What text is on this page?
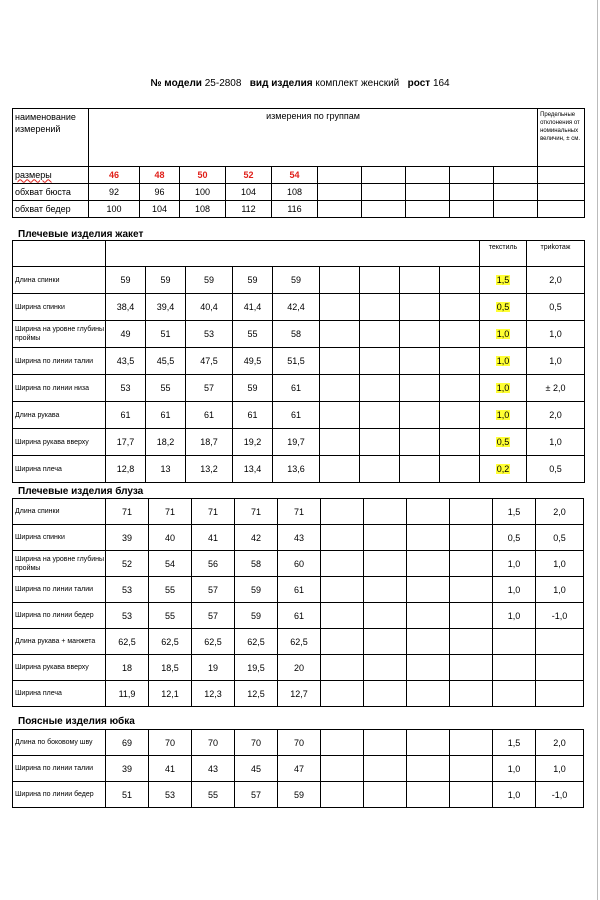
№ модели 25-2808 вид изделия комплект женский рост 164
наименование измерений	измерения по группам										Предельные отклонения от номинальных величин, ± см.
размеры	46	48	50	52	54						
обхват бюста	92	96	100	104	108						
обхват бедер	100	104	108	112	116						
Плечевые изделия жакет
										текстиль	триkотаж
Длина спинки	59	59	59	59	59					1,5	2,0
Ширина спинки	38,4	39,4	40,4	41,4	42,4					0,5	0,5
Ширина на уровне глубины проймы	49	51	53	55	58					1,0	1,0
Ширина по линии талии	43,5	45,5	47,5	49,5	51,5					1,0	1,0
Ширина по линии низа	53	55	57	59	61					1,0	± 2,0
Длина рукава	61	61	61	61	61					1,0	2,0
Ширина рукава вверху	17,7	18,2	18,7	19,2	19,7					0,5	1,0
Ширина плеча	12,8	13	13,2	13,4	13,6					0,2	0,5
Плечевые изделия блуза
Длина спинки	71	71	71	71	71					1,5	2,0
Ширина спинки	39	40	41	42	43					0,5	0,5
Ширина на уровне глубины проймы	52	54	56	58	60					1,0	1,0
Ширина по линии талии	53	55	57	59	61					1,0	1,0
Ширина по линии бедер	53	55	57	59	61					1,0	-1,0
Длина рукава + манжета	62,5	62,5	62,5	62,5	62,5						
Ширина рукава вверху	18	18,5	19	19,5	20						
Ширина плеча	11,9	12,1	12,3	12,5	12,7						
Поясные изделия юбка
Длина по боковому шву	69	70	70	70	70					1,5	2,0
Ширина по линии талии	39	41	43	45	47					1,0	1,0
Ширина по линии бедер	51	53	55	57	59					1,0	-1,0
